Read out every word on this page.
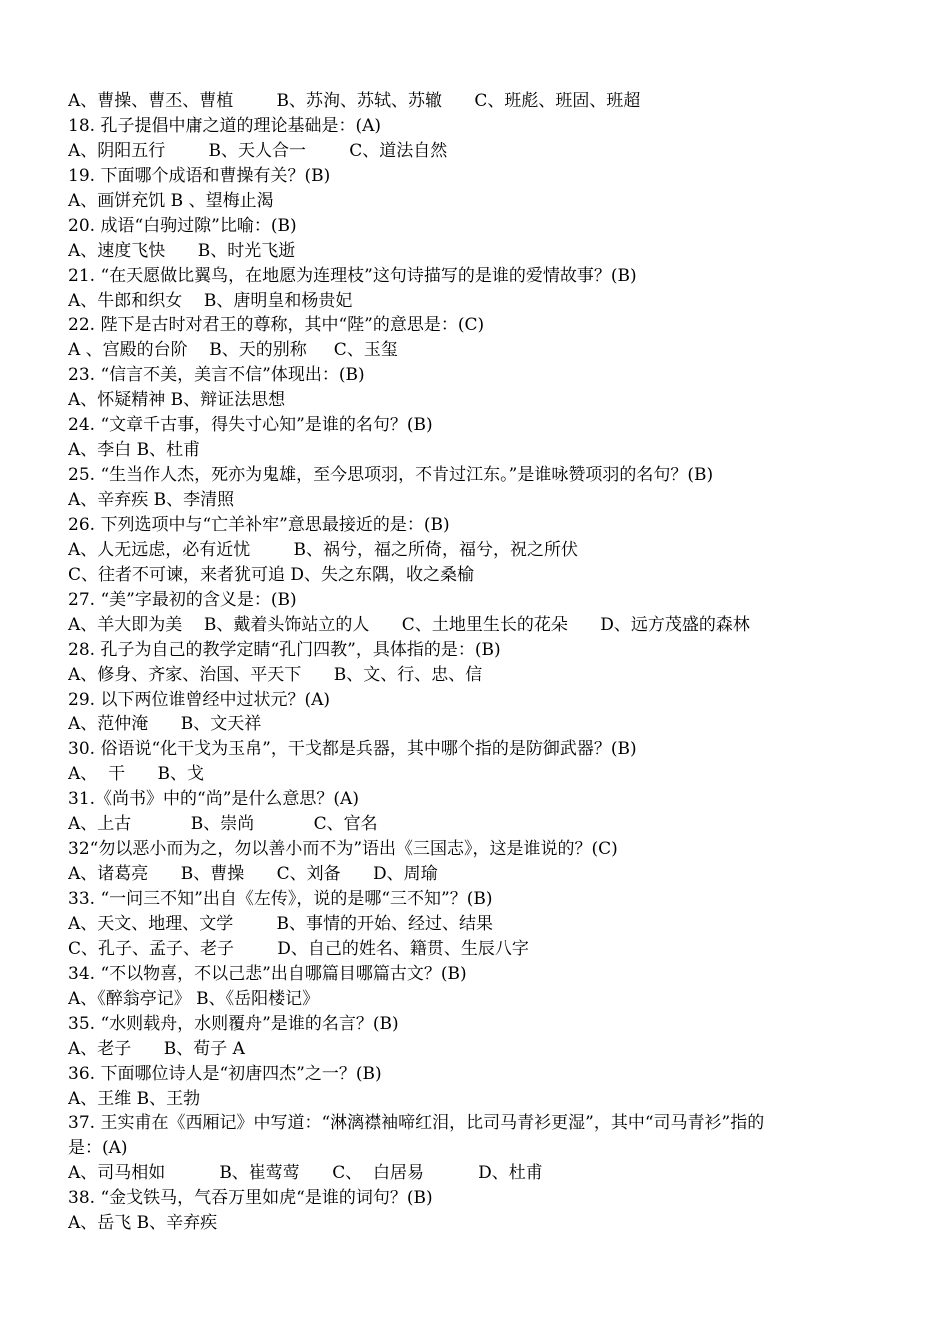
A、曹操、曹丕、曹植        B、苏洵、苏轼、苏辙      C、班彪、班固、班超
18. 孔子提倡中庸之道的理论基础是：(A)
A、阴阳五行        B、天人合一        C、道法自然
19. 下面哪个成语和曹操有关？(B)
A、画饼充饥 B 、望梅止渴
20. 成语“白驹过隙”比喻：(B)
A、速度飞快      B、时光飞逝
21. “在天愿做比翼鸟，在地愿为连理枝”这句诗描写的是谁的爱情故事？(B)
A、牛郎和织女    B、唐明皇和杨贵妃
22. 陛下是古时对君王的尊称，其中“陛”的意思是：(C)
A 、宫殿的台阶    B、天的别称     C、玉玺
23. “信言不美，美言不信”体现出：(B)
A、怀疑精神 B、辩证法思想
24. “文章千古事，得失寸心知”是谁的名句？(B)
A、李白 B、杜甫
25. “生当作人杰，死亦为鬼雄，至今思项羽，不肯过江东。”是谁咏赞项羽的名句？(B)
A、辛弃疾 B、李清照
26. 下列选项中与“亡羊补牢”意思最接近的是：(B)
A、人无远虑，必有近忧        B、祸兮，福之所倚，福兮，祝之所伏
C、往者不可谏，来者犹可追 D、失之东隅，收之桑榆
27. “美”字最初的含义是：(B)
A、羊大即为美    B、戴着头饰站立的人      C、土地里生长的花朵      D、远方茂盛的森林
28. 孔子为自己的教学定睛“孔门四教”，具体指的是：(B)
A、修身、齐家、治国、平天下      B、文、行、忠、信
29. 以下两位谁曾经中过状元？(A)
A、范仲淹      B、文天祥
30. 俗语说“化干戈为玉帛”，干戈都是兵器，其中哪个指的是防御武器？(B)
A、  干      B、戈
31.《尚书》中的“尚”是什么意思？(A)
A、上古           B、崇尚           C、官名
32“勿以恶小而为之，勿以善小而不为”语出《三国志》，这是谁说的？(C)
A、诸葛亮      B、曹操      C、刘备      D、周瑜
33. “一问三不知”出自《左传》，说的是哪“三不知”？(B)
A、天文、地理、文学        B、事情的开始、经过、结果
C、孔子、孟子、老子        D、自己的姓名、籍贯、生辰八字
34. “不以物喜，不以己悲”出自哪篇目哪篇古文？(B)
A、《醉翁亭记》 B、《岳阳楼记》
35. “水则载舟，水则覆舟”是谁的名言？(B)
A、老子      B、荀子 A
36. 下面哪位诗人是“初唐四杰”之一？(B)
A、王维 B、王勃
37. 王实甫在《西厢记》中写道：“淋漓襟袖啼红泪，比司马青衫更湿”，其中“司马青衫”指的
是：(A)
A、司马相如          B、崔莺莺      C、  白居易          D、杜甫
38. “金戈铁马，气吞万里如虎“是谁的词句？(B)
A、岳飞 B、辛弃疾
